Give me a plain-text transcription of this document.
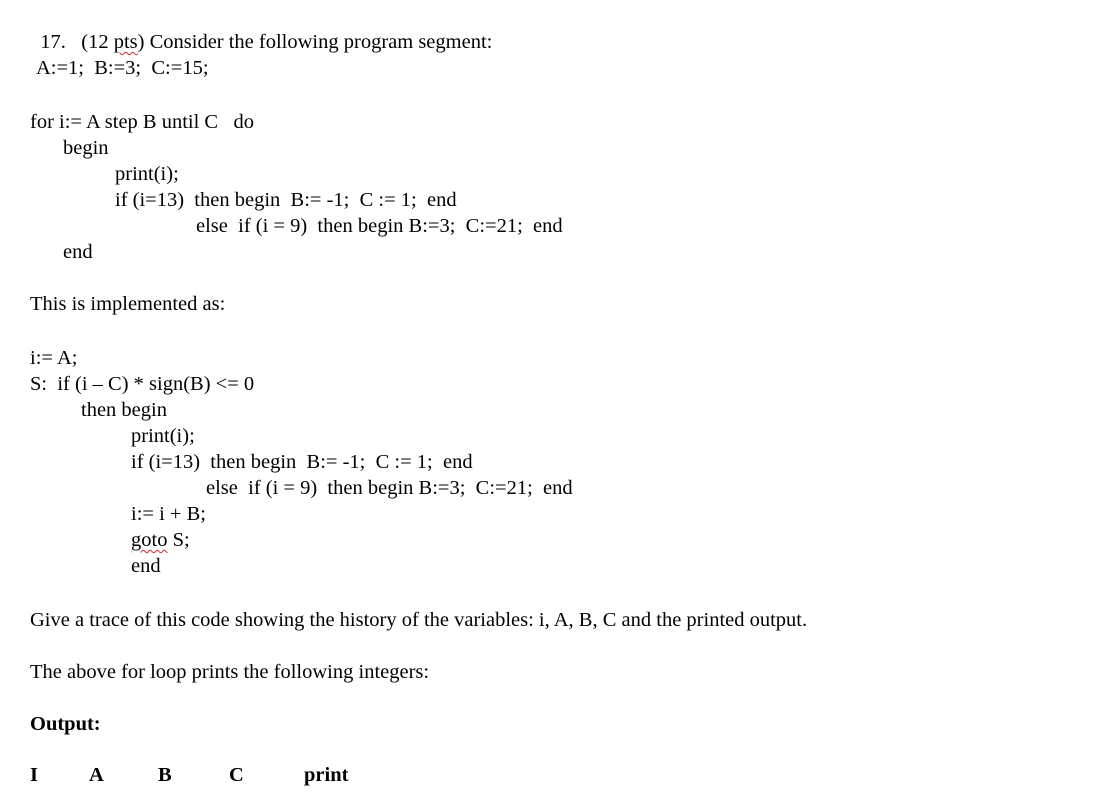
17. (12 pts) Consider the following program segment:

A:=1;  B:=3;  C:=15;
for i:= A step B until C   do
begin
print(i);
if (i=13)  then begin  B:= -1;  C := 1;  end
else  if (i = 9)  then begin B:=3;  C:=21;  end
end
This is implemented as:
i:= A;
S:  if (i – C) * sign(B) <= 0
then begin
print(i);
if (i=13)  then begin  B:= -1;  C := 1;  end
else  if (i = 9)  then begin B:=3;  C:=21;  end
i:= i + B;
goto S;
end
Give a trace of this code showing the history of the variables: i, A, B, C and the printed output.
The above for loop prints the following integers:
Output:
I A	B	C	print
